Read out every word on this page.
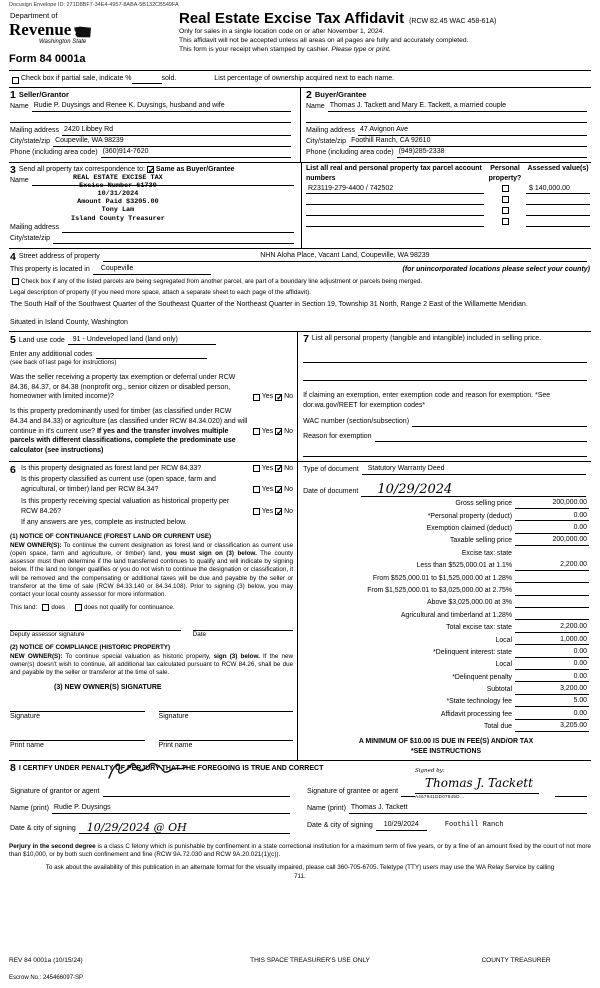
Docusign Envelope ID: 271D8BF7-34E4-4957-8ABA-5B132CB549FA
Department of
Revenue
Washington State
Form 84 0001a
Real Estate Excise Tax Affidavit (RCW 82.45 WAC 458-61A)
Only for sales in a single location code on or after November 1, 2024.
This affidavit will not be accepted unless all areas on all pages are fully and accurately completed.
This form is your receipt when stamped by cashier. Please type or print.
Check box if partial sale, indicate %	sold.	List percentage of ownership acquired next to each name.
1 Seller/Grantor
Name Rudie P. Duysings and Renee K. Duysings, husband and wife
Mailing address 2420 Libbey Rd
City/state/zip Coupeville, WA 98239
Phone (including area code) (360)914-7620
2 Buyer/Grantee
Name Thomas J. Tackett and Mary E. Tackett, a married couple
Mailing address 47 Avignon Ave
City/state/zip Foothill Ranch, CA 92610
Phone (including area code) (949)285-2338
3 Send all property tax correspondence to: ✓ Same as Buyer/Grantee
Name	REAL ESTATE EXCISE TAX
Excise Number 61730
10/31/2024
Amount Paid $3205.00
Tony Lam
Island County Treasurer
Mailing address
City/state/zip
List all real and personal property tax parcel account numbers
Personal property?
Assessed value(s)
R23119-279-4400 / 742502	$ 140,000.00
4 Street address of property	NHN Aloha Place, Vacant Land, Coupeville, WA 98239
This property is located in	Coupeville	(for unincorporated locations please select your county)
Check box if any of the listed parcels are being segregated from another parcel, are part of a boundary line adjustment or parcels being merged.
Legal description of property (if you need more space, attach a separate sheet to each page of the affidavit).
The South Half of the Southwest Quarter of the Southeast Quarter of the Northeast Quarter in Section 19, Township 31 North, Range 2 East of the Willamette Meridian.
Situated in Island County, Washington
5 Land use code	91 - Undeveloped land (land only)
Enter any additional codes
(see back of last page for instructions)
Was the seller receiving a property tax exemption or deferral under RCW 84.36, 84.37, or 84.38 (nonprofit org., senior citizen or disabled person, homeowner with limited income)?	Yes ✓ No
Is this property predominantly used for timber (as classified under RCW 84.34 and 84.33) or agriculture (as classified under RCW 84.34.020) and will continue in it's current use? If yes and the transfer involves multiple parcels with different classifications, complete the predominate use calculator (see instructions)
Yes ✓ No
7 List all personal property (tangible and intangible) included in selling price.
If claiming an exemption, enter exemption code and reason for exemption. *See dor.wa.gov/REET for exemption codes*
WAC number (section/subsection)
Reason for exemption
6 Is this property designated as forest land per RCW 84.33?	Yes ✓ No
Is this property classified as current use (open space, farm and agricultural, or timber) land per RCW 84.34?	Yes ✓ No
Is this property receiving special valuation as historical property per RCW 84.26?	Yes ✓ No
If any answers are yes, complete as instructed below.
(1) NOTICE OF CONTINUANCE (FOREST LAND OR CURRENT USE)
NEW OWNER(S): To continue the current designation as forest land or classification as current use (open space, farm and agriculture, or timber) land, you must sign on (3) below. The county assessor must then determine if the land transferred continues to qualify and will indicate by signing below. If the land no longer qualifies or you do not wish to continue the designation or classification, it will be removed and the compensating or additional taxes will be due and payable by the seller or transferor at the time of sale (RCW 84.33.140 or 84.34.108). Prior to signing (3) below, you may contact your local county assessor for more information.
This land: does	does not qualify for continuance.
Deputy assessor signature	Date
(2) NOTICE OF COMPLIANCE (HISTORIC PROPERTY)
NEW OWNER(S): To continue special valuation as historic property, sign (3) below. If the new owner(s) doesn't wish to continue, all additional tax calculated pursuant to RCW 84.26, shall be due and payable by the seller or transferor at the time of sale.
(3) NEW OWNER(S) SIGNATURE
Signature	Signature
Print name	Print name
Type of document	Statutory Warranty Deed
Date of document	10/29/2024
Gross selling price	200,000.00
*Personal property (deduct)	0.00
Exemption claimed (deduct)	0.00
Taxable selling price	200,000.00
Excise tax: state
Less than $525,000.01 at 1.1%	2,200.00
From $525,000.01 to $1,525,000.00 at 1.28%
From $1,525,000.01 to $3,025,000.00 at 2.75%
Above $3,025,000.00 at 3%
Agricultural and timberland at 1.28%
Total excise tax: state	2,200.00
Local	1,000.00
*Delinquent interest: state	0.00
Local	0.00
*Delinquent penalty	0.00
Subtotal	3,200.00
*State technology fee	5.00
Affidavit processing fee	0.00
Total due	3,205.00
A MINIMUM OF $10.00 IS DUE IN FEE(S) AND/OR TAX
*SEE INSTRUCTIONS
8 I CERTIFY UNDER PENALTY OF PERJURY THAT THE FOREGOING IS TRUE AND CORRECT
Signature of grantor or agent
Name (print) Rudie P. Duysings
Date & city of signing	10/29/2024 @ OH
Signed by:
Thomas J. Tackett
A467941DD07845D...
Signature of grantee or agent
Name (print) Thomas J. Tackett
Date & city of signing	10/29/2024	Foothill Ranch
Perjury in the second degree is a class C felony which is punishable by confinement in a state correctional institution for a maximum term of five years, or by a fine of an amount fixed by the court of not more than $10,000, or by both such confinement and fine (RCW 9A.72.030 and RCW 9A.20.021(1)(c)).
To ask about the availability of this publication in an alternate format for the visually impaired, please call 360-705-6705. Teletype (TTY) users may use the WA Relay Service by calling 711.
REV 84 0001a (10/15/24)	THIS SPACE TREASURER'S USE ONLY	COUNTY TREASURER
Escrow No.: 245466097-SP
